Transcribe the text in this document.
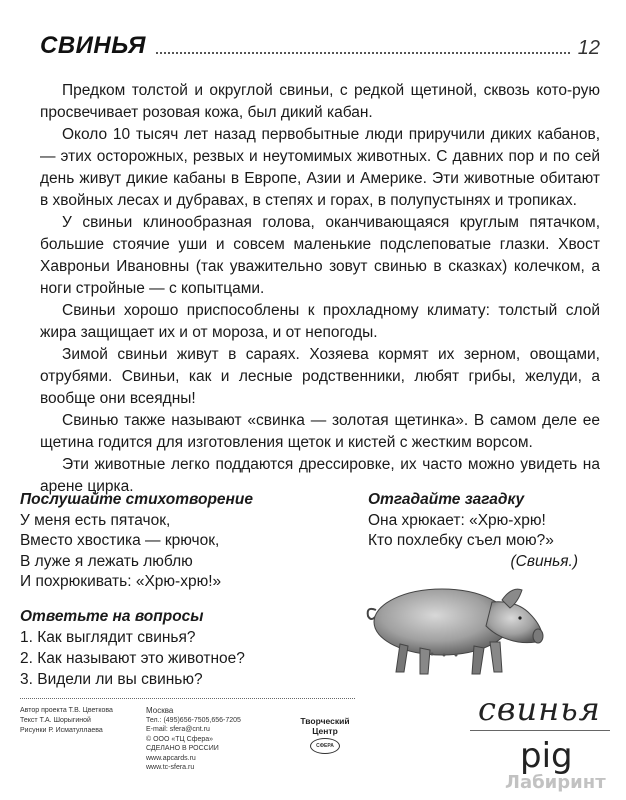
СВИНЬЯ	12

Предком толстой и округлой свиньи, с редкой щетиной, сквозь кото-рую просвечивает розовая кожа, был дикий кабан.

Около 10 тысяч лет назад первобытные люди приручили диких кабанов, — этих осторожных, резвых и неутомимых животных. С давних пор и по сей день живут дикие кабаны в Европе, Азии и Америке. Эти животные обитают в хвойных лесах и дубравах, в степях и горах, в полупустынях и тропиках.

У свиньи клинообразная голова, оканчивающаяся круглым пятачком, большие стоячие уши и совсем маленькие подслеповатые глазки. Хвост Хавроньи Ивановны (так уважительно зовут свинью в сказках) колечком, а ноги стройные — с копытцами.

Свиньи хорошо приспособлены к прохладному климату: толстый слой жира защищает их и от мороза, и от непогоды.

Зимой свиньи живут в сараях. Хозяева кормят их зерном, овощами, отрубями. Свиньи, как и лесные родственники, любят грибы, желуди, а вообще они всеядны!

Свинью также называют «свинка — золотая щетинка». В самом деле ее щетина годится для изготовления щеток и кистей с жестким ворсом.

Эти животные легко поддаются дрессировке, их часто можно увидеть на арене цирка.

Послушайте стихотворение
У меня есть пятачок,
Вместо хвостика — крючок,
В луже я лежать люблю
И похрюкивать: «Хрю-хрю!»
Отгадайте загадку
Она хрюкает: «Хрю-хрю!
Кто похлебку съел мою?»
(Свинья.)
Ответьте на вопросы
1. Как выглядит свинья?
2. Как называют это животное?
3. Видели ли вы свинью?
Автор проекта Т.В. Цветкова
Текст Т.А. Шорыгиной
Рисунки Р. Исматуллаева
Москва
Тел.: (495)656-7505,656-7205
E-mail: sfera@cnt.ru
© ООО «ТЦ Сфера»
СДЕЛАНО В РОССИИ
www.apcards.ru
www.tc-sfera.ru
Творческий
Центр
СФЕРА
свинья
pig
Лабиринт
